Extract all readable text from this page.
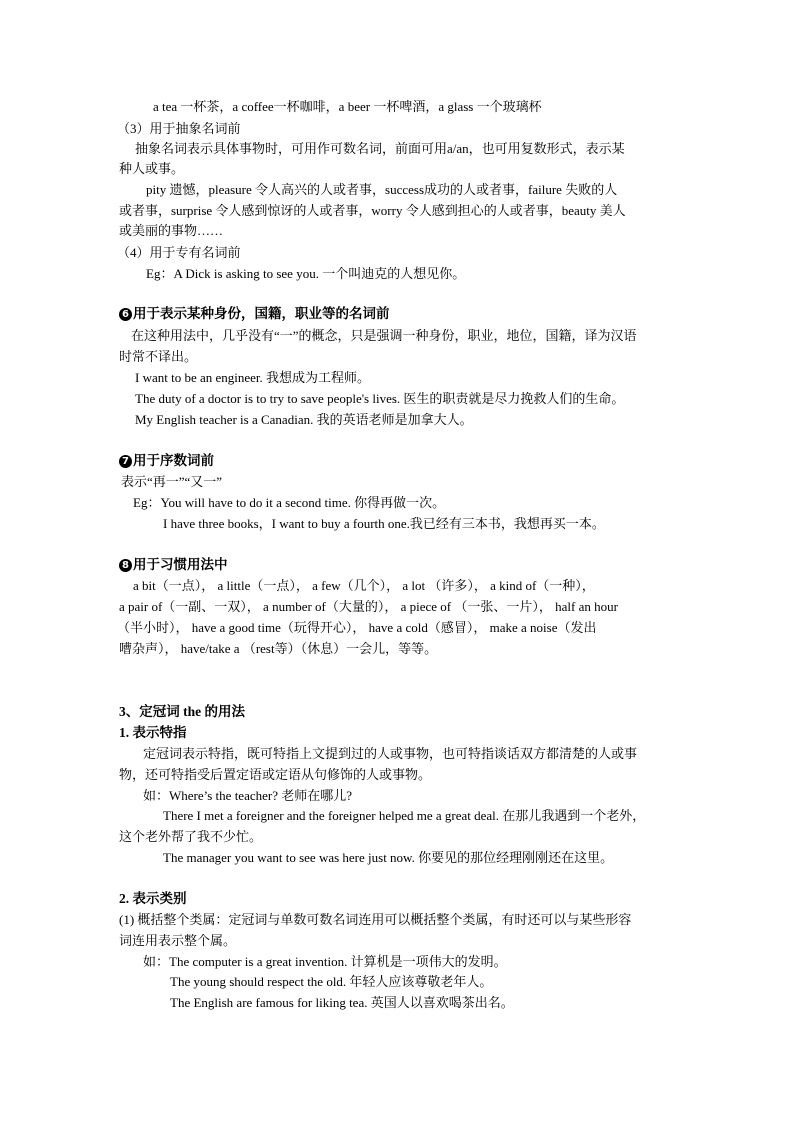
a tea 一杯茶，a coffee一杯咖啡，a beer 一杯啤酒，a glass 一个玻璃杯
（3）用于抽象名词前
抽象名词表示具体事物时，可用作可数名词，前面可用a/an，也可用复数形式，表示某
种人或事。
pity 遗憾，pleasure 令人高兴的人或者事，success成功的人或者事，failure 失败的人
或者事，surprise 令人感到惊讶的人或者事，worry 令人感到担心的人或者事，beauty 美人
或美丽的事物……
（4）用于专有名词前
Eg：A Dick is asking to see you. 一个叫迪克的人想见你。
6 用于表示某种身份，国籍，职业等的名词前
在这种用法中，几乎没有“一”的概念，只是强调一种身份，职业，地位，国籍，译为汉语
时常不译出。
I want to be an engineer. 我想成为工程师。
The duty of a doctor is to try to save people's lives. 医生的职责就是尽力挽救人们的生命。
My English teacher is a Canadian. 我的英语老师是加拿大人。
7 用于序数词前
表示“再一”“又一”
Eg：You will have to do it a second time. 你得再做一次。
I have three books，I want to buy a fourth one.我已经有三本书，我想再买一本。
8 用于习惯用法中
a bit（一点）， a little（一点）， a few（几个）， a lot （许多）， a kind of（一种），
a pair of（一副、一双）， a number of（大量的）， a piece of （一张、一片）， half an hour
（半小时）， have a good time（玩得开心）， have a cold（感冒）， make a noise（发出
嘈杂声）， have/take a （rest等）（休息）一会儿，等等。
3、定冠词 the 的用法
1. 表示特指
定冠词表示特指，既可特指上文提到过的人或事物，也可特指谈话双方都清楚的人或事
物，还可特指受后置定语或定语从句修饰的人或事物。
如：Where’s the teacher? 老师在哪儿?
There I met a foreigner and the foreigner helped me a great deal. 在那儿我遇到一个老外，
这个老外帮了我不少忙。
The manager you want to see was here just now. 你要见的那位经理刚刚还在这里。
2. 表示类别
(1) 概括整个类属：定冠词与单数可数名词连用可以概括整个类属，有时还可以与某些形容
词连用表示整个属。
如：The computer is a great invention. 计算机是一项伟大的发明。
The young should respect the old. 年轻人应该尊敬老年人。
The English are famous for liking tea. 英国人以喜欢喝茶出名。
